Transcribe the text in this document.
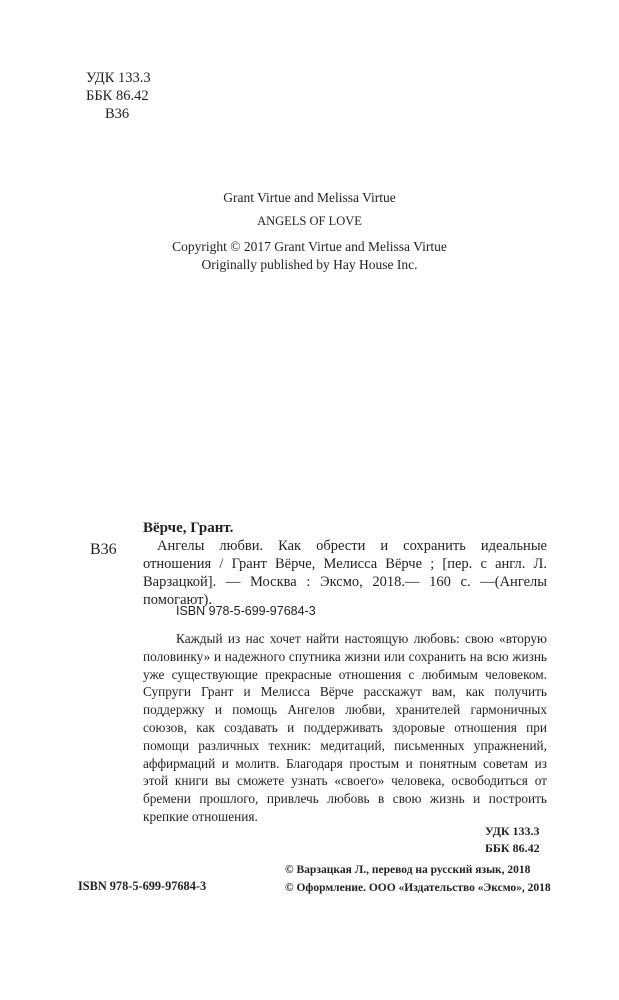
УДК 133.3
ББК 86.42
В36
Grant Virtue and Melissa Virtue
ANGELS OF LOVE
Copyright © 2017 Grant Virtue and Melissa Virtue
Originally published by Hay House Inc.
В36
Вёрче, Грант.
Ангелы любви. Как обрести и сохранить идеальные отношения / Грант Вёрче, Мелисса Вёрче ; [пер. с англ. Л. Варзацкой]. — Москва : Эксмо, 2018.— 160 с. —(Ангелы помогают).
ISBN 978-5-699-97684-3
Каждый из нас хочет найти настоящую любовь: свою «вторую половинку» и надежного спутника жизни или сохранить на всю жизнь уже существующие прекрасные отношения с любимым человеком. Супруги Грант и Мелисса Вёрче расскажут вам, как получить поддержку и помощь Ангелов любви, хранителей гармоничных союзов, как создавать и поддерживать здоровые отношения при помощи различных техник: медитаций, письменных упражнений, аффирмаций и молитв. Благодаря простым и понятным советам из этой книги вы сможете узнать «своего» человека, освободиться от бремени прошлого, привлечь любовь в свою жизнь и построить крепкие отношения.
УДК 133.3
ББК 86.42
ISBN 978-5-699-97684-3
© Варзацкая Л., перевод на русский язык, 2018
© Оформление. ООО «Издательство «Эксмо», 2018
